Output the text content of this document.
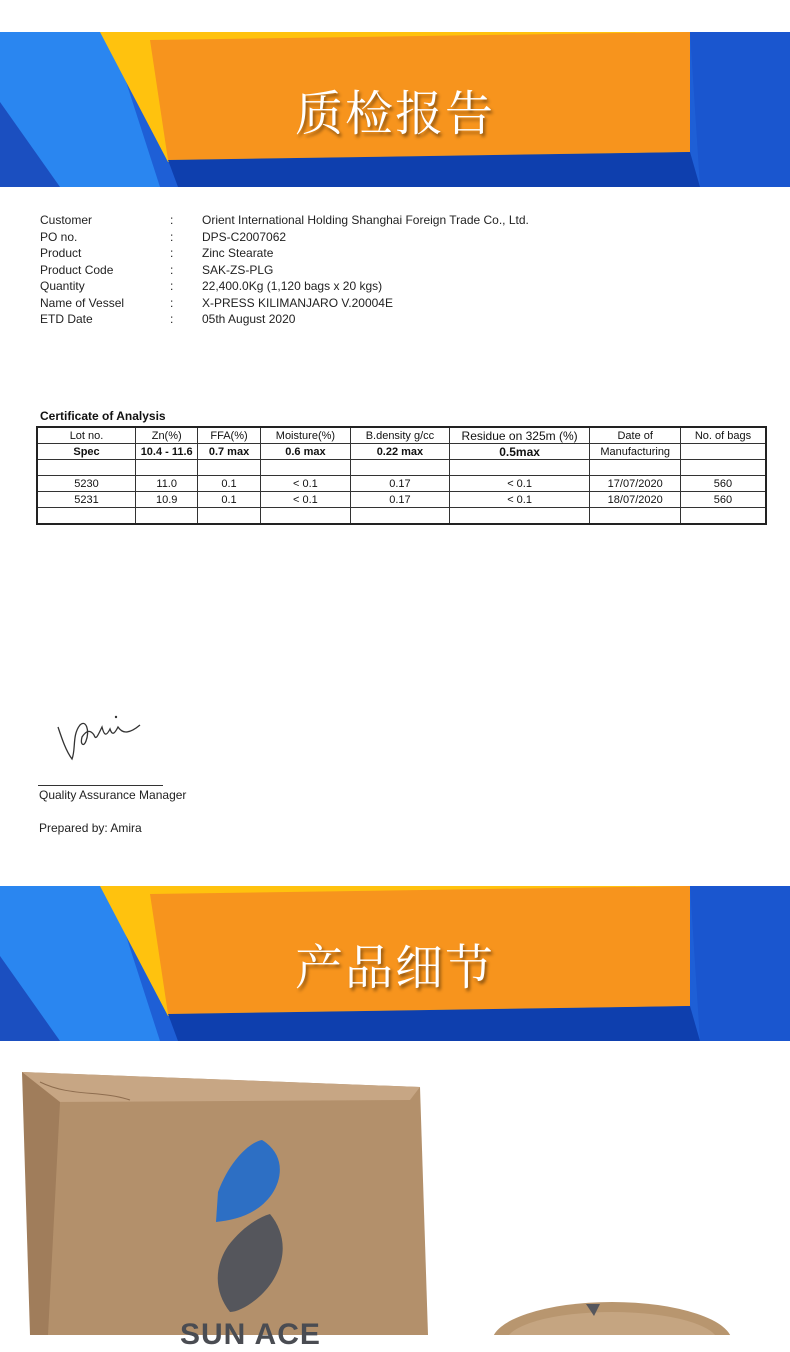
质检报告
Customer	:	Orient International Holding Shanghai Foreign Trade Co., Ltd.
PO no.	:	DPS-C2007062
Product	:	Zinc Stearate
Product Code	:	SAK-ZS-PLG
Quantity	:	22,400.0Kg (1,120 bags x 20 kgs)
Name of Vessel	:	X-PRESS KILIMANJARO V.20004E
ETD Date	:	05th August 2020
Certificate of Analysis
Lot no.	Zn(%)	FFA(%)	Moisture(%)	B.density g/cc	Residue on 325m (%)	Date of	No. of bags
Spec	10.4 - 11.6	0.7 max	0.6 max	0.22 max	0.5max	Manufacturing	

5230	11.0	0.1	< 0.1	0.17	< 0.1	17/07/2020	560
5231	10.9	0.1	< 0.1	0.17	< 0.1	18/07/2020	560

Quality Assurance Manager
Prepared by: Amira
产品细节
SUN ACE
